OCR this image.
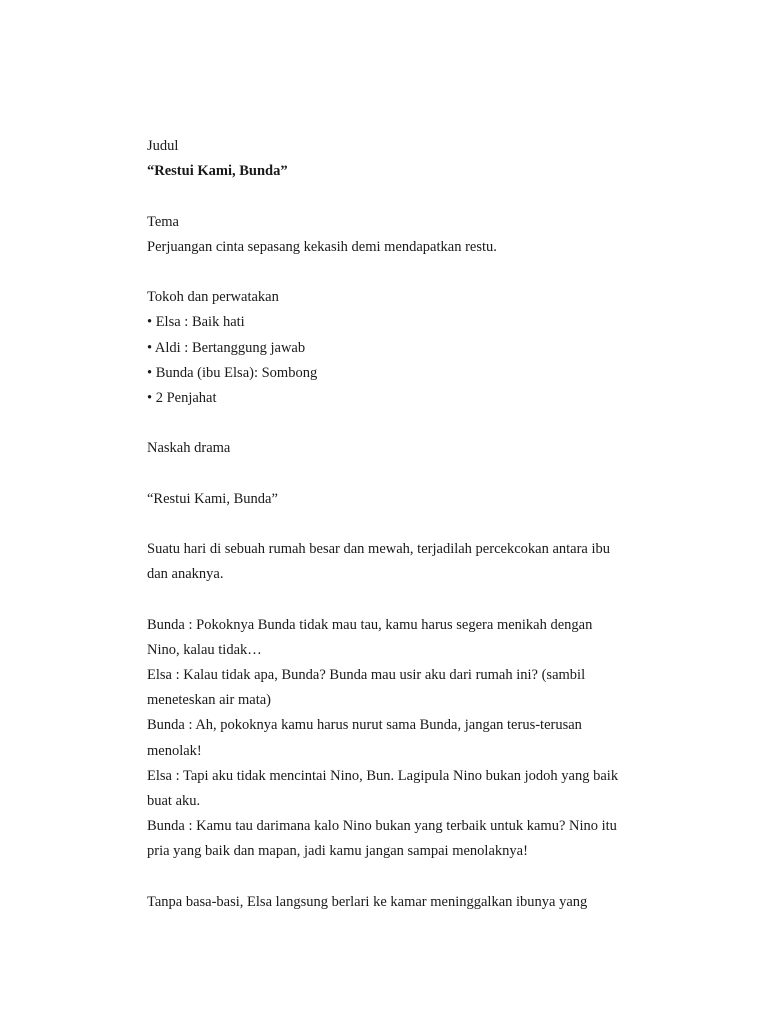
Judul
“Restui Kami, Bunda”
Tema
Perjuangan cinta sepasang kekasih demi mendapatkan restu.
Tokoh dan perwatakan
• Elsa : Baik hati
• Aldi : Bertanggung jawab
• Bunda (ibu Elsa): Sombong
• 2 Penjahat
Naskah drama
“Restui Kami, Bunda”
Suatu hari di sebuah rumah besar dan mewah, terjadilah percekcokan antara ibu
dan anaknya.
Bunda : Pokoknya Bunda tidak mau tau, kamu harus segera menikah dengan
Nino, kalau tidak…
Elsa : Kalau tidak apa, Bunda? Bunda mau usir aku dari rumah ini? (sambil
meneteskan air mata)
Bunda : Ah, pokoknya kamu harus nurut sama Bunda, jangan terus-terusan
menolak!
Elsa : Tapi aku tidak mencintai Nino, Bun. Lagipula Nino bukan jodoh yang baik
buat aku.
Bunda : Kamu tau darimana kalo Nino bukan yang terbaik untuk kamu? Nino itu
pria yang baik dan mapan, jadi kamu jangan sampai menolaknya!
Tanpa basa-basi, Elsa langsung berlari ke kamar meninggalkan ibunya yang
